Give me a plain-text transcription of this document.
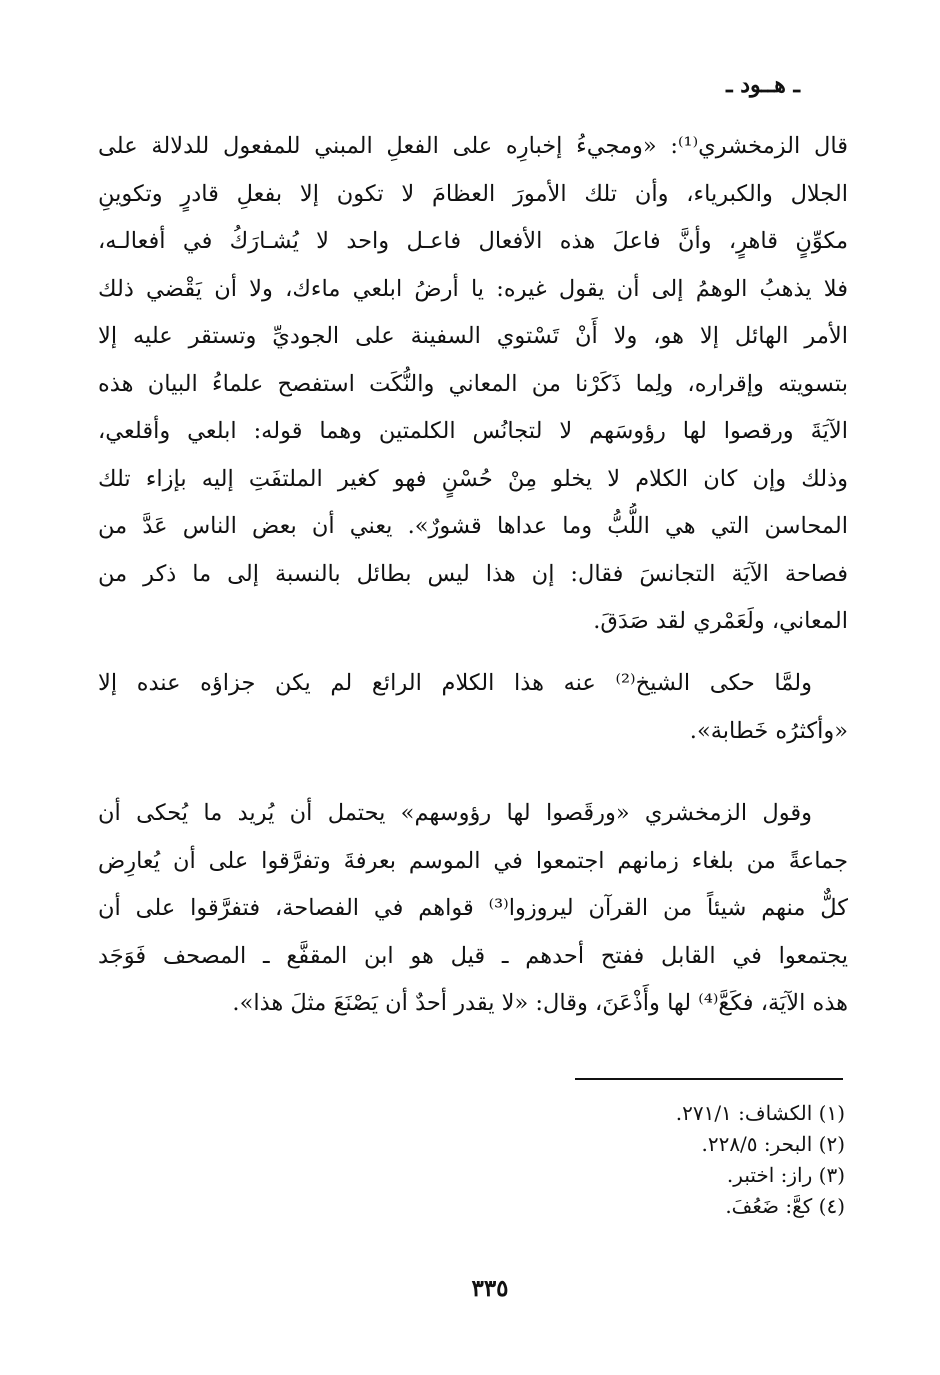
ـ هــود ـ
قال الزمخشري⁽¹⁾: «ومجيءُ إخبارِه على الفعلِ المبني للمفعول للدلالة على
الجلال والكبرياء، وأن تلك الأمورَ العظامَ لا تكون إلا بفعلِ قادرٍ وتكوينِ
مكوِّنٍ قاهرٍ، وأنَّ فاعلَ هذه الأفعال فاعـل واحد لا يُشـارَكُ في أفعالـه،
فلا يذهبُ الوهمُ إلى أن يقول غيره: يا أرضُ ابلعي ماءك، ولا أن يَقْضي ذلك
الأمر الهائل إلا هو، ولا أَنْ تَسْتوي السفينة على الجوديِّ وتستقر عليه إلا
بتسويته وإقراره، ولِما ذَكَرْنا من المعاني والنُّكَت استفصح علماءُ البيان هذه
الآيَةَ ورقصوا لها رؤوسَهم لا لتجانُس الكلمتين وهما قوله: ابلعي وأقلعي،
وذلك وإن كان الكلام لا يخلو مِنْ حُسْنٍ فهو كغير الملتفَتِ إليه بإزاء تلك
المحاسن التي هي اللُّبُّ وما عداها قشورٌ». يعني أن بعض الناس عَدَّ من
فصاحة الآيَة التجانسَ فقال: إن هذا ليس بطائل بالنسبة إلى ما ذكر من
المعاني، ولَعَمْري لقد صَدَقَ.
ولمَّا حكى الشيخ⁽²⁾ عنه هذا الكلام الرائع لم يكن جزاؤه عنده إلا
«وأكثرُه خَطابة».
وقول الزمخشري «ورقَصوا لها رؤوسهم» يحتمل أن يُريد ما يُحكى أن
جماعةً من بلغاء زمانهم اجتمعوا في الموسم بعرفةَ وتفرَّقوا على أن يُعارِض
كلٌّ منهم شيئاً من القرآن ليروزوا⁽³⁾ قواهم في الفصاحة، فتفرَّقوا على أن
يجتمعوا في القابل ففتح أحدهم ـ قيل هو ابن المقفَّع ـ المصحف فَوَجَد
هذه الآيَة، فكَعَّ⁽⁴⁾ لها وأَذْعَنَ، وقال: «لا يقدر أحدٌ أن يَصْنَعَ مثلَ هذا».
(١) الكشاف: ٢٧١/١.
(٢) البحر: ٢٢٨/٥.
(٣) راز: اختبر.
(٤) كعَّ: ضَعُفَ.
٣٣٥
